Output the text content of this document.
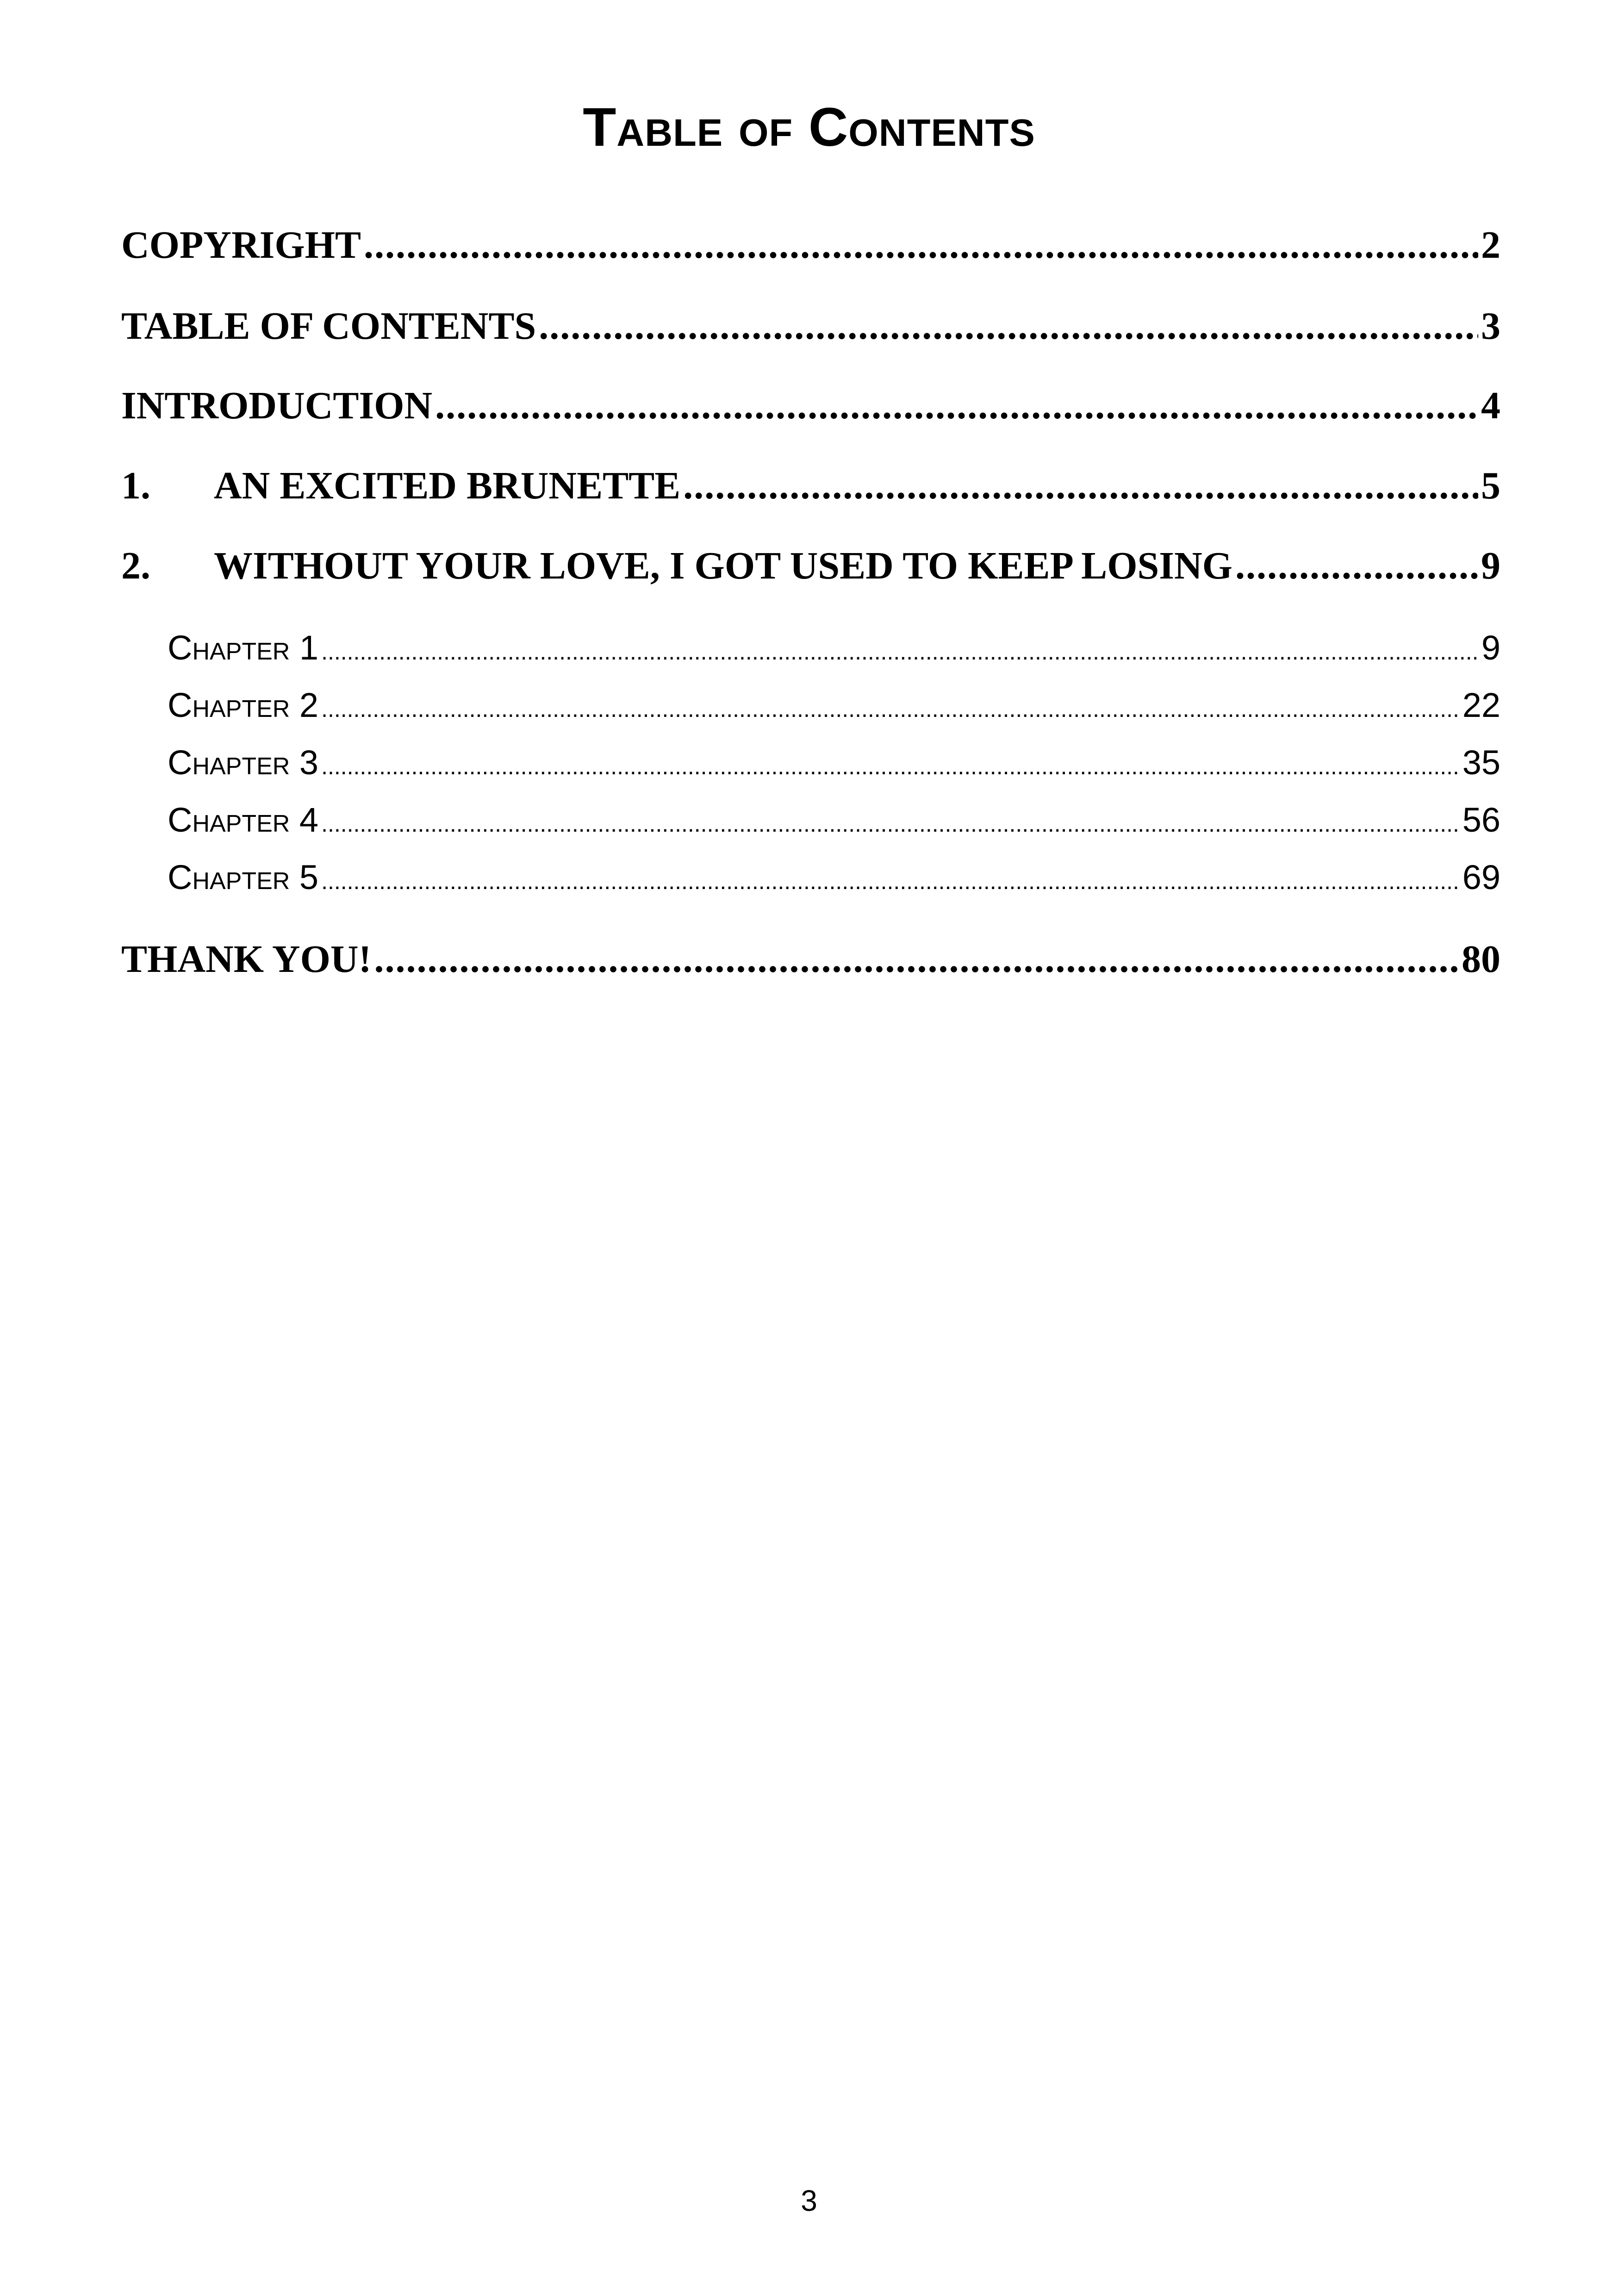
Table of Contents
COPYRIGHT .....	2
TABLE OF CONTENTS .....	3
INTRODUCTION .....	4
1.	AN EXCITED BRUNETTE .....	5
2.	WITHOUT YOUR LOVE, I GOT USED TO KEEP LOSING .....	9
Chapter 1 .....	9
Chapter 2 .....	22
Chapter 3 .....	35
Chapter 4 .....	56
Chapter 5 .....	69
THANK YOU! .....	80
3
